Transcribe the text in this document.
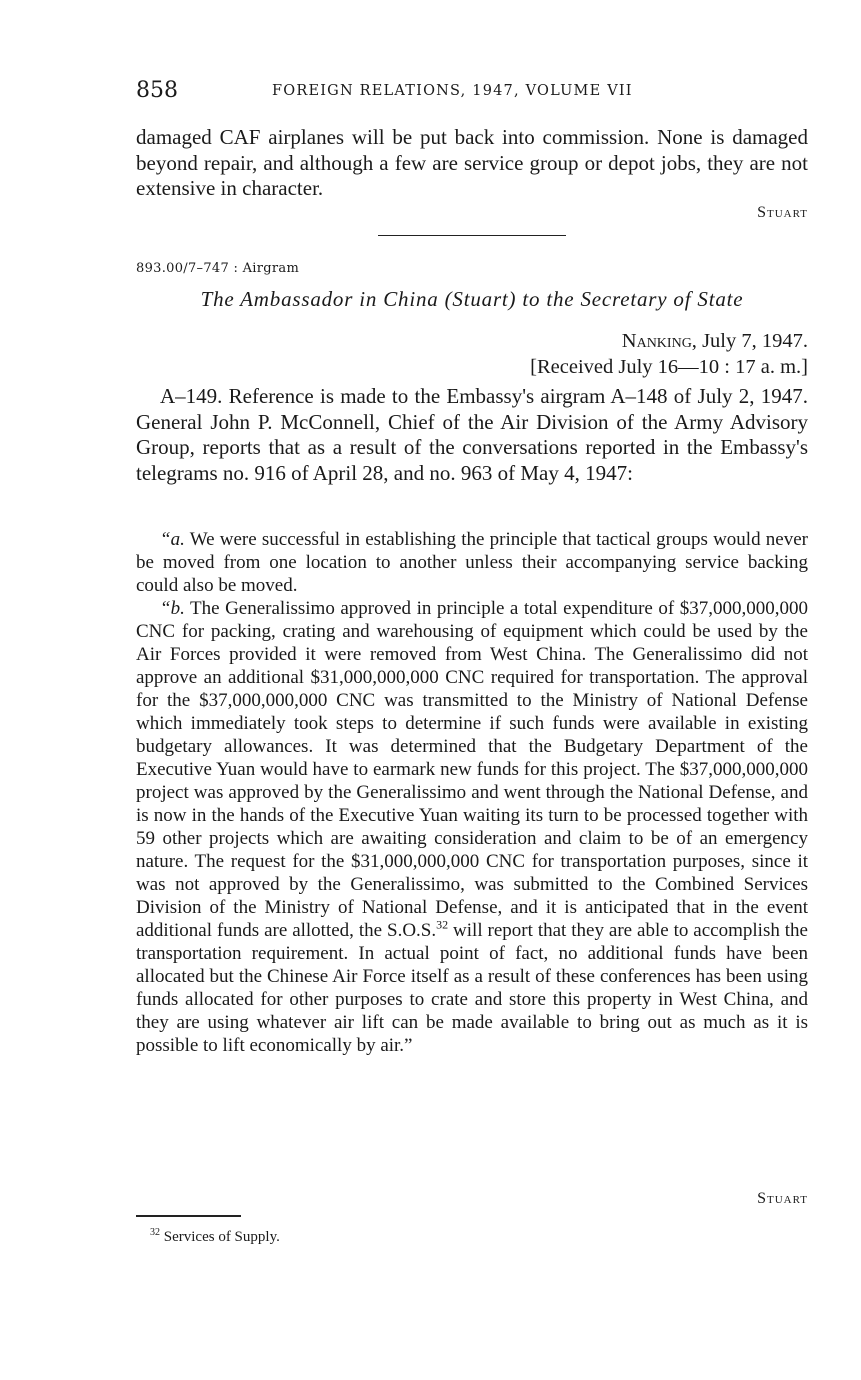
858	FOREIGN RELATIONS, 1947, VOLUME VII
damaged CAF airplanes will be put back into commission. None is damaged beyond repair, and although a few are service group or depot jobs, they are not extensive in character.
Stuart
893.00/7–747 : Airgram
The Ambassador in China (Stuart) to the Secretary of State
Nanking, July 7, 1947.
[Received July 16—10 : 17 a. m.]
A–149. Reference is made to the Embassy's airgram A–148 of July 2, 1947. General John P. McConnell, Chief of the Air Division of the Army Advisory Group, reports that as a result of the conversations reported in the Embassy's telegrams no. 916 of April 28, and no. 963 of May 4, 1947:

“a. We were successful in establishing the principle that tactical groups would never be moved from one location to another unless their accompanying service backing could also be moved.

“b. The Generalissimo approved in principle a total expenditure of $37,000,000,000 CNC for packing, crating and warehousing of equipment which could be used by the Air Forces provided it were removed from West China. The Generalissimo did not approve an additional $31,000,000,000 CNC required for transportation. The approval for the $37,000,000,000 CNC was transmitted to the Ministry of National Defense which immediately took steps to determine if such funds were available in existing budgetary allowances. It was determined that the Budgetary Department of the Executive Yuan would have to earmark new funds for this project. The $37,000,000,000 project was approved by the Generalissimo and went through the National Defense, and is now in the hands of the Executive Yuan waiting its turn to be processed together with 59 other projects which are awaiting consideration and claim to be of an emergency nature. The request for the $31,000,000,000 CNC for transportation purposes, since it was not approved by the Generalissimo, was submitted to the Combined Services Division of the Ministry of National Defense, and it is anticipated that in the event additional funds are allotted, the S.O.S.$^{32}$ will report that they are able to accomplish the transportation requirement. In actual point of fact, no additional funds have been allocated but the Chinese Air Force itself as a result of these conferences has been using funds allocated for other purposes to crate and store this property in West China, and they are using whatever air lift can be made available to bring out as much as it is possible to lift economically by air.”

Stuart
$^{32}$ Services of Supply.
